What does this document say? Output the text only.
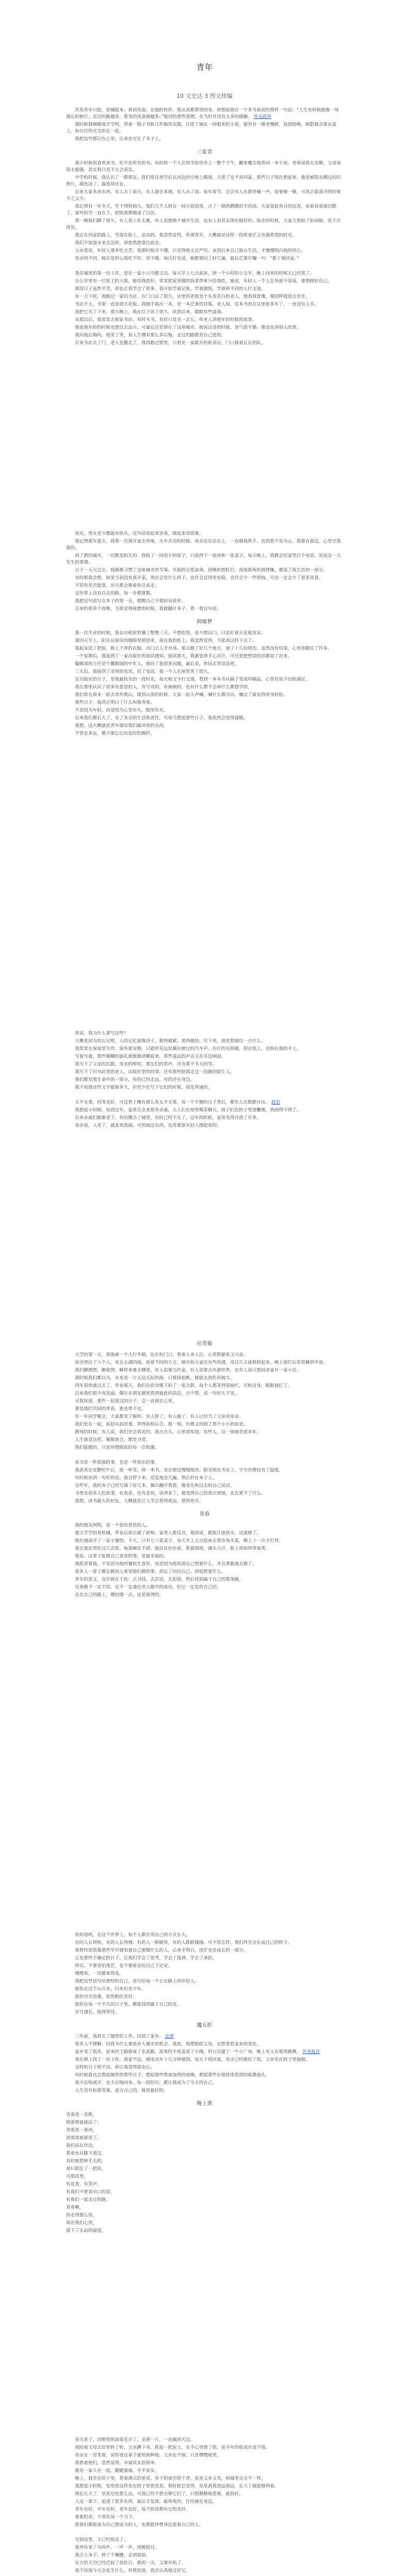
青年
10 文史达 3 图文样编

托莫青年只能，思城版本。黄初见面，在他的伙伴。我从成都那里回来，却想起他在一个多月前说的那样一句话：“人生有时候就像一场漫长的旅行，走过的路越多，看见的风景就越多。”他讲的那些道理，在当时并没有太多的感触。 外交政界

那时候我刚刚离开学校，带着一箱子书和几件换洗衣服，住进了城东一间租来的小屋。窗外有一棵老槐树，每到傍晚，树影就会落在桌上，和台灯的光交织在一起。

我把这些都记在心里，后来也写在了本子上。

三家青

我小时候很喜欢读书，但不是所有的书。有时候一个人在图书馆里坐上一整个下午，翻来覆去地看同一本小说。老师说我太安静，父母说我太倔强，其实我只是不太会表达。

中学的时候，我认识了一群朋友。我们常在放学后去河边的空地上踢球，天黑了也不肯回家。那些日子现在想起来，像是被阳光晒过的旧照片，颜色淡了，温度却还在。

后来大家各奔东西，有人去了南方，有人留在本地，有人出了国。每年春节，总会有人在群里喊一声，说要聚一聚，可真正能凑齐的时候少之又少。

我记得有一年冬天，雪下得特别大。我们几个人挤在一间小饭馆里，点了一锅热腾腾的羊肉汤。大家说起各自的近况，说着说着就沉默了。窗外的雪一直在下，把街道都铺成了白色。

那一晚我们聊了很久。有人说工作太累，有人说想换个城市生活，也有人说其实现在挺好的。临走的时候，大家互相拍了拍肩膀，说下次再见。

我走在回家的路上，雪落在脸上，凉凉的。我忽然觉得，所谓青年，大概就是这样一段既迷茫又充满希望的时光。

我们不知道未来会怎样，却依然愿意往前走。

父亲常说，年轻人要多吃点苦。我那时候并不懂，只觉得他太过严厉。直到后来自己独自生活，才慢慢明白他的用心。

母亲则不同，她总是担心我吃不好、穿不暖。每次打电话，她都要问上好几遍，最后总要叮嘱一句：“累了就回家。”

我在城里的第一份工作，是在一家小公司做文员。每天早上七点起床，挤一个小时的公交车，晚上回来的时候天已经黑了。

办公室里有一位姓王的大姐，她待我很好，常常把家里做的饭菜带来分给我吃。她说，年轻人一个人在外面不容易，要照顾好自己。

那段日子虽然辛苦，却也让我学会了很多。我开始学着记账，学着做饭，学着和不同的人打交道。

有一天下班，我路过一家旧书店，在门口站了很久。店里的老板是个头发花白的老人，他看我犹豫，便招呼我进去坐坐。

书店不大，书架一直顶到天花板。我随手抽出一本，是一本泛黄的诗集。老人说，这本书放在这里很多年了，一直没有人买。

我把它买了下来。那天晚上，我在灯下读了很久，读到后来，眼睛有些湿润。

从那以后，我常常去那家书店。有时买书，有时只是坐一会儿，听老人讲他年轻时候的故事。

他说他年轻的时候也想过去远方，可最后还是留在了这座城市。他说这话的时候，语气很平静，像是在讲别人的事。

我问他后悔吗。他笑了笑，说人生哪有那么多后悔，走过的路都是自己选的。

后来书店关了门，老人也搬走了。我再路过那里，只看见一家新开的奶茶店，门口排着长长的队。

快乐，男女老少都能有快乐，这句话说起来容易，做起来却很难。

我记得那年夏天，我第一次离开家去外地。火车开动的时候，母亲站在站台上，一直朝我挥手，直到看不见为止。我靠在窗边，心里空落落的。

到了新的城市，一切都是陌生的。我租了一间很小的屋子，只放得下一张床和一张桌子。每天晚上，我都会给家里打个电话，说说这一天发生的事情。

日子一天天过去，我渐渐习惯了这座城市的节奏。早晨的豆浆油条，傍晚的霓虹灯，深夜街角的烧烤摊，都成了我生活的一部分。

有时候我会想，如果当初没有离开家，现在会是什么样子。也许会过得更安稳，也许会少一些烦恼，可也一定会少了很多风景。

不管你是否愿意，岁月都会推着你往前走。

这世界上没有白走的路，每一步都算数。

我把这句话写在本子的第一页，提醒自己不要轻易放弃。

后来的很多个夜晚，当我觉得疲惫的时候，我就翻开本子，看一看这句话。

抑郁梦

第一次失业的时候，我在出租屋里躺了整整三天。不想吃饭，也不想出门，只是盯着天花板发呆。

第四天早上，阳光从窗帘的缝隙里照进来，落在我的脸上。我忽然觉得，不能再这样下去了。

我起床洗了把脸，换上干净的衣服，出门去人才市场。那天跑了好几个地方，递了十几份简历，虽然没有结果，心里却踏实了许多。

一个星期后，我接到了一家出版社的面试通知。面试那天，我紧张得手心出汗，可还是把想说的话都说了出来。

编辑部的主任是个戴眼镜的中年人，他问了我很多问题，最后说，你回去等消息吧。

三天后，我接到了录用的电话。挂了电话，我一个人在屋里笑了很久。

在出版社的日子，是我最快乐的一段时光。每天和文字打交道，看到一本本书从稿子变成印刷品，心里有说不出的满足。

我在那里认识了很多有意思的人，有写诗的，有画画的，也有什么都不会却什么都想学的。

我们常在周末一起去郊外爬山，爬到山顶的时候，大家一起大声喊，喊什么都可以，喊完了就觉得浑身轻松。

那些日子，我真正明白了什么叫做青春。

不是因为年轻，而是因为心里有火，眼里有光。

后来我们都长大了，有了各自的生活和责任。可每当想起那些日子，我依然会觉得温暖。

我想，这大概就是青年留给我们最珍贵的东西。

不管走多远，都不要忘记出发时的模样。

你说，我为什么要写这些？

大概是因为怕忘记吧。人的记忆就像沙子，握得越紧，流得越快。写下来，就是想留住一点什么。

我常常在深夜里写作，窗外很安静，只能听见远处偶尔驶过的汽车声。台灯的光很暖，照在纸上，也照在我的手上。

写着写着，那些模糊的面孔就渐渐清晰起来，那些遥远的声音又在耳边响起。

我写下了父亲的沉默，母亲的唠叨，朋友们的笑声，还有那个冬天的雪。

我写下了旧书店里的老人，出版社里的同事，还有那些陪我走过一段路的陌生人。

他们都是我生命中的一部分，有的已经走远，有的还在身边。

我不知道这些文字能留多久，但至少在写下它们的时候，我是真诚的。

太平无事，何等美好。可这世上哪有那么多太平无事，每一个平静的日子背后，都有人在默默付出。 政治

我想起小时候，每到过年，家里总会来很多亲戚。大人们在屋里喝茶聊天，孩子们在院子里放鞭炮，热闹得不得了。

后来亲戚们渐渐老了，有的搬去了城里，有的已经不在了。过年的时候，家里变得冷清了许多。

母亲说，人老了，就喜欢热闹。可热闹这东西，也是要靠年轻人撑起来的。

社英菊

大学的第一天，我拖着一个大行李箱，站在校门口，看着人来人往，心里既紧张又兴奋。

宿舍里住了六个人，来自五湖四海，说着不同的方言。刚开始大家还有些拘谨，没过几天就熟络起来，晚上熄灯后常常聊到半夜。

我们聊理想，聊爱情，聊将来要去哪里。有人说要当作家，有人说要去环游世界，还有人说只想回老家开一家小店。

那时候我们都以为，未来是一片无边无际的海，只要扬起帆，就能去到任何地方。

四年很快就过去了。毕业那天，我们在宿舍楼下拍了一张合影，每个人都笑得很灿烂，可转过身，眼眶就红了。

后来我们很少再见面。偶尔在朋友圈里看到彼此的消息，点个赞，说一句好久不见。

可我知道，那些一起度过的日子，会一直留在心里。

那是我们共同的青春，谁也带不走。

有一年同学聚会，大家都变了模样。有人胖了，有人瘦了，有人已经当了父亲或母亲。

我们坐在一起，说起从前的事，笑得前仰后合。那一刻，仿佛又回到了那个小小的宿舍。

散场的时候，有人说，我们还会再见的。我点点头，心里却知道，有些人，这一别就是很多年。

人生就是这样，聚散离合，都是寻常。

我们能做的，只是珍惜眼前的每一次相遇。

读书是一件孤独的事，也是一件快乐的事。

我喜欢在安静的午后，泡一杯茶，捧一本书，坐在窗边慢慢地读。阳光照在书页上，字句仿佛也有了温度。

有时候读到一句好的话，我会停下来，反复地念几遍，然后抄在本子上。

这些年，我的本子已经写满了好几本。偶尔翻开看看，像是在和过去的自己说话。

书里有很多人的故事，有欢喜，也有悲伤。读得多了，便觉得自己的那点烦恼，实在算不了什么。

我想，读书最大的好处，大概就是让人学会看得更远，想得更开。

青春

我的朋友阿明，是一个很有意思的人。

他大学学的是机械，毕业后却去做了厨师。家里人都反对，他却说，做饭让他快乐，这就够了。

他在城南开了一家小餐馆，不大，只有七八张桌子。每天早上五点起床去菜市场买菜，晚上十一点才打烊。

我去他店里吃过几次饭，味道确实不错。他站在灶台前，系着围裙，满头大汗，脸上却始终带着笑。

他说，这辈子能做自己喜欢的事，是最幸福的。

我很羡慕他。不是因为他的餐馆生意好，而是因为他知道自己想要什么，并且勇敢地去做了。

很多人一辈子都在做别人希望他们做的事，却忘了问问自己，到底想要什么。

青年的意义，也许就在于此：去寻找，去尝试，去犯错，然后找到属于自己的那条路。

这条路不一定平坦，也不一定通往世人眼中的成功，但它一定是你自己的。

走在自己的路上，哪怕慢一点，也是值得的。

你知道吗，在这个世界上，每个人都在用自己的方式长大。

有的人长得快，有的人长得慢；有的人一路顺风，有的人跌跌撞撞。可不管怎样，我们终究会长成自己的样子。

我曾经很羡慕那些早早就知道自己要做什么的人。后来才明白，迷茫也是成长的一部分。

正是那些不确定的日子，让我们学会了思考，学会了选择，学会了承担。

所以，不要害怕迷茫，也不要着急给自己下定论。

慢慢来，一切都来得及。

我把这些话写给曾经的自己，也写给每一个正在路上的年轻人。

愿你走过千山万水，归来仍是少年。

愿你历尽沧桑，依然相信美好。

愿你在每一个平凡的日子里，都能找到属于自己的光。

岁月漫长，值得等待。

魔五折

三年前，我辞去了城里的工作，回到了家乡。 法律

很多人不理解，问我为什么要放弃大城市的机会。我说，我想陪陪父母，也想看看家乡的变化。

家乡变了很多。原来的土路修成了水泥路，原来的平房盖成了小楼，村口还建了一个小广场，晚上有人在那里跳舞。 外省报社

我在镇上找了一份工作，离家不远，骑电动车十几分钟就到。每天下班回家，母亲已经做好了饭，父亲坐在院子里抽烟。

这样的日子很平淡，却让我觉得很安心。

有时候我也会想起城里的那些日子，想起那些熬夜加班的夜晚，想起那些在地铁里看到的疲惫面孔。

我不后悔离开，也不后悔回来。每一段经历，都让我成为了今天的自己。

人生没有标准答案，适合自己的，就是最好的。

晚上黄

青春是一首歌，

唱着唱着就远了；

青春是一条河，

流着流着就宽了。

我们站在岸边，

看着水从脚下流过，

有时候想伸手去抓，

却只抓住了一把风。

可那风里，

有花香，有笑声，

有我们不曾说出口的话，

有我们一起走过的路。

青春啊，

你走得那么快，

却在我们心里，

留下了永远的温度。

春天来了，田野里的油菜花开了，金黄一片，一直铺到天边。

我陪着父母去田里转了转。父亲蹲下身，抓起一把泥土，在手心里搓了搓，说今年的收成应该不错。

母亲在一旁笑着，说你爸这辈子就知道种地。父亲也不恼，只是嘿嘿地笑。

我看着他们，忽然觉得，幸福其实很简单。

就是一家人在一起，健健康康，平平安安。

晚上，我坐在院子里，看着满天的星星。乡下的夜空很干净，星星又多又亮，和城里完全不一样。

我想起小时候，也常常这样坐在院子里看星星。那时候总觉得，星星离我很远很远，长大了就能够得着。

现在长大了，星星还是那么远。可我已经不想去够它们了，只想静静地看着，就很好。

人这一辈子，追逐了很多东西，最后才发现，最珍贵的，往往就在身边。

青年也好，中年也好，老年也好，每个阶段都有它的美好。

重要的是，不辜负每一个当下。

愿我们都能成为自己想成为的人，也都能珍惜身边爱着自己的人。

写到这里，天已经快亮了。

窗外传来了鸟叫声，一声一声，清脆悦耳。

我合上本子，伸了个懒腰，走到窗前。

东方的天空已经泛起了鱼肚白，新的一天，又要开始了。

我不知道今天会发生什么，但我知道，我会认真地过好它。
